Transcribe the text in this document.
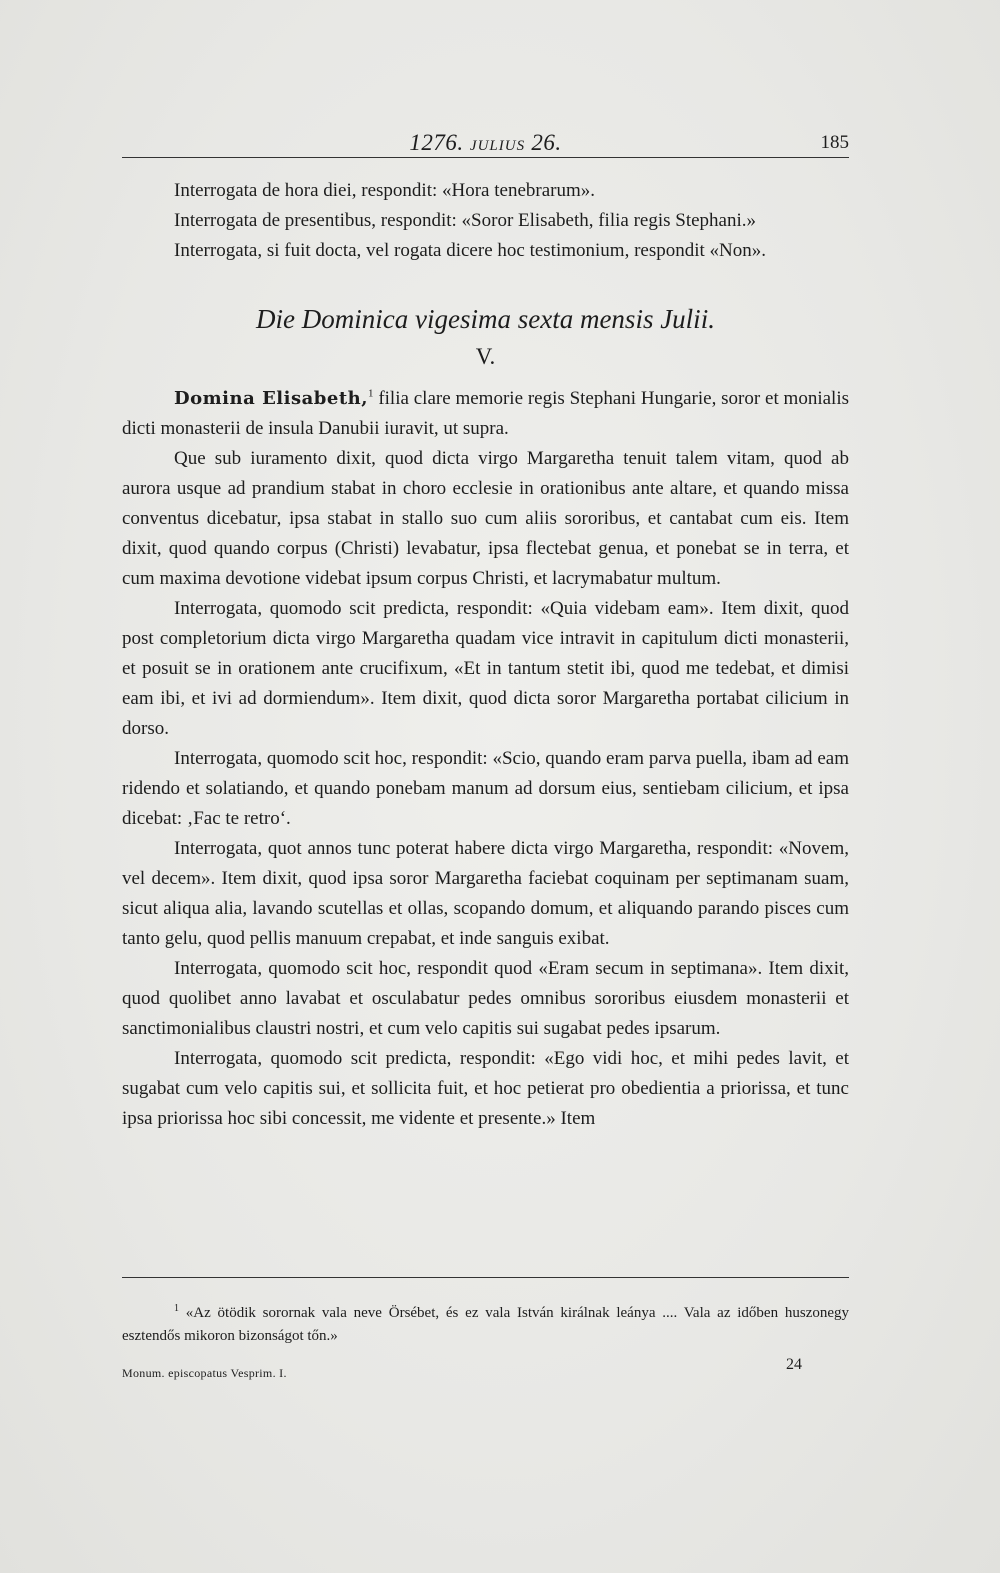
1276. JULIUS 26.	185

Interrogata de hora diei, respondit: «Hora tenebrarum».

Interrogata de presentibus, respondit: «Soror Elisabeth, filia regis Stephani.»

Interrogata, si fuit docta, vel rogata dicere hoc testimonium, respondit «Non».

Die Dominica vigesima sexta mensis Julii.
V.

Domina Elisabeth,$^1$ filia clare memorie regis Stephani Hungarie, soror et monialis dicti monasterii de insula Danubii iuravit, ut supra.

Que sub iuramento dixit, quod dicta virgo Margaretha tenuit talem vitam, quod ab aurora usque ad prandium stabat in choro ecclesie in orationibus ante altare, et quando missa conventus dicebatur, ipsa stabat in stallo suo cum aliis sororibus, et cantabat cum eis. Item dixit, quod quando corpus (Christi) levabatur, ipsa flectebat genua, et ponebat se in terra, et cum maxima devotione videbat ipsum corpus Christi, et lacrymabatur multum.

Interrogata, quomodo scit predicta, respondit: «Quia videbam eam». Item dixit, quod post completorium dicta virgo Margaretha quadam vice intravit in capitulum dicti monasterii, et posuit se in orationem ante crucifixum, «Et in tantum stetit ibi, quod me tedebat, et dimisi eam ibi, et ivi ad dormiendum». Item dixit, quod dicta soror Margaretha portabat cilicium in dorso.

Interrogata, quomodo scit hoc, respondit: «Scio, quando eram parva puella, ibam ad eam ridendo et solatiando, et quando ponebam manum ad dorsum eius, sentiebam cilicium, et ipsa dicebat: ‚Fac te retro‘.

Interrogata, quot annos tunc poterat habere dicta virgo Margaretha, respondit: «Novem, vel decem». Item dixit, quod ipsa soror Margaretha faciebat coquinam per septimanam suam, sicut aliqua alia, lavando scutellas et ollas, scopando domum, et aliquando parando pisces cum tanto gelu, quod pellis manuum crepabat, et inde sanguis exibat.

Interrogata, quomodo scit hoc, respondit quod «Eram secum in septimana». Item dixit, quod quolibet anno lavabat et osculabatur pedes omnibus sororibus eiusdem monasterii et sanctimonialibus claustri nostri, et cum velo capitis sui sugabat pedes ipsarum.

Interrogata, quomodo scit predicta, respondit: «Ego vidi hoc, et mihi pedes lavit, et sugabat cum velo capitis sui, et sollicita fuit, et hoc petierat pro obedientia a priorissa, et tunc ipsa priorissa hoc sibi concessit, me vidente et presente.» Item

$^1$ «Az ötödik sorornak vala neve Örsébet, és ez vala István királnak leánya .... Vala az időben huszonegy esztendős mikoron bizonságot tőn.»
Monum. episcopatus Vesprim. I.	24
